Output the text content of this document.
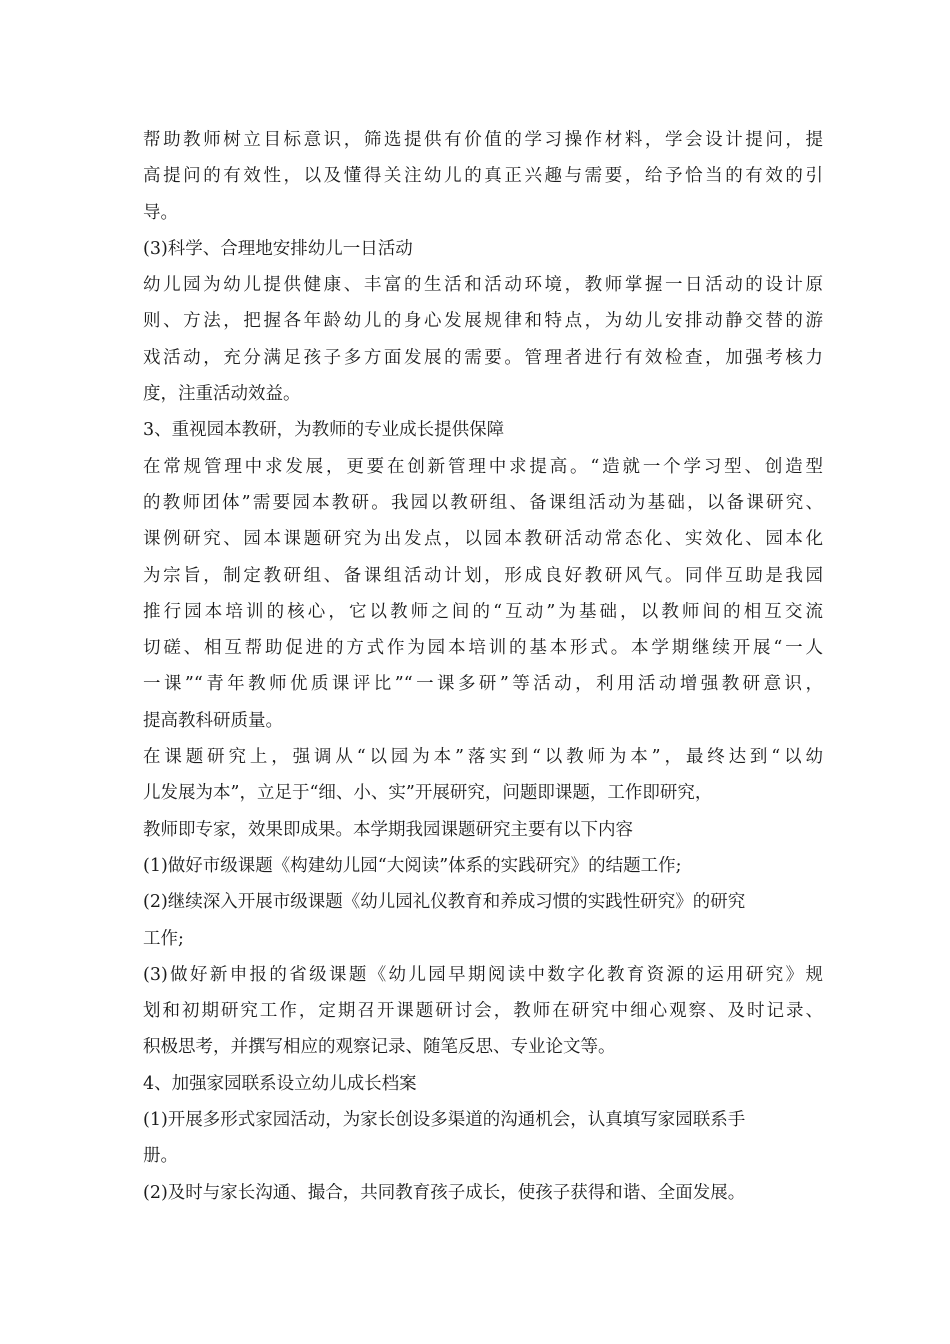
帮助教师树立目标意识，筛选提供有价值的学习操作材料，学会设计提问，提
高提问的有效性，以及懂得关注幼儿的真正兴趣与需要，给予恰当的有效的引
导。
(3)科学、合理地安排幼儿一日活动
幼儿园为幼儿提供健康、丰富的生活和活动环境，教师掌握一日活动的设计原
则、方法，把握各年龄幼儿的身心发展规律和特点，为幼儿安排动静交替的游
戏活动，充分满足孩子多方面发展的需要。管理者进行有效检查，加强考核力
度，注重活动效益。
3、重视园本教研，为教师的专业成长提供保障
在常规管理中求发展，更要在创新管理中求提高。“造就一个学习型、创造型
的教师团体”需要园本教研。我园以教研组、备课组活动为基础，以备课研究、
课例研究、园本课题研究为出发点，以园本教研活动常态化、实效化、园本化
为宗旨，制定教研组、备课组活动计划，形成良好教研风气。同伴互助是我园
推行园本培训的核心，它以教师之间的“互动”为基础，以教师间的相互交流
切磋、相互帮助促进的方式作为园本培训的基本形式。本学期继续开展“一人
一课”“青年教师优质课评比”“一课多研”等活动，利用活动增强教研意识，
提高教科研质量。
在课题研究上，强调从“以园为本”落实到“以教师为本”，最终达到“以幼
儿发展为本”，立足于“细、小、实”开展研究，问题即课题，工作即研究，
教师即专家，效果即成果。本学期我园课题研究主要有以下内容
(1)做好市级课题《构建幼儿园“大阅读”体系的实践研究》的结题工作;
(2)继续深入开展市级课题《幼儿园礼仪教育和养成习惯的实践性研究》的研究
工作;
(3)做好新申报的省级课题《幼儿园早期阅读中数字化教育资源的运用研究》规
划和初期研究工作，定期召开课题研讨会，教师在研究中细心观察、及时记录、
积极思考，并撰写相应的观察记录、随笔反思、专业论文等。
4、加强家园联系设立幼儿成长档案
(1)开展多形式家园活动，为家长创设多渠道的沟通机会，认真填写家园联系手
册。
(2)及时与家长沟通、撮合，共同教育孩子成长，使孩子获得和谐、全面发展。
